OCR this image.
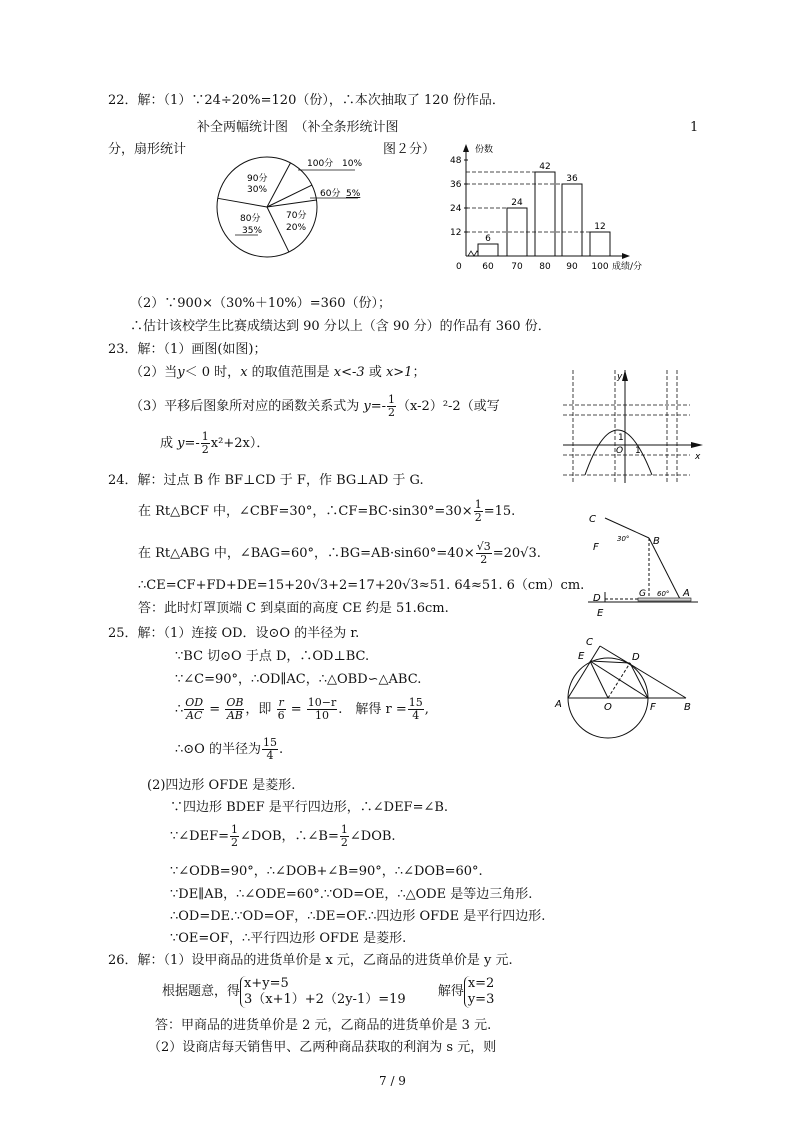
22．解：（1）∵24÷20%=120（份），∴本次抽取了 120 份作品．
补全两幅统计图　（补全条形统计图	1
分，扇形统计	图２分）
100分 10%
60分 5%
70分
20%
80分
35%
90分
30%
份数
成绩/分
0
12
24
36
48
6
60
24
70
42
80
36
90
12
100
（2）∵900×（30%＋10%）=360（份）；
∴估计该校学生比赛成绩达到 90 分以上（含 90 分）的作品有 360 份．
23．解：（1）画图(如图)；
（2）当y＜ 0 时，x 的取值范围是 x<-3 或 x>1；
（3）平移后图象所对应的函数关系式为 $y=- \frac{1}{2} (x-2)^2-2$（或写
成 $y=- \frac{1}{2} x^2+2x$）．
y
x
O
1
1
24．解：过点 B 作 BF⊥CD 于 F，作 BG⊥AD 于 G.
在 Rt△BCF 中，∠CBF=30°，∴CF=BC·sin30°=30× $\frac{1}{2} =15$.
在 Rt△ABG 中，∠BAG=60°，∴BG=AB·sin60°=40× $\frac{√3}{2} =20√3$.
∴CE=CF+FD+DE=15+20√3+2=17+20√3≈51. 64≈51. 6（cm）cm.
答：此时灯罩顶端 C 到桌面的高度 CE 约是 51.6cm.
C
F
B
30°
G 60° A
D
E
25．解：（1）连接 OD．设⊙O 的半径为 r.
∵BC 切⊙O 于点 D，∴OD⊥BC.
∵∠C=90°，∴OD∥AC，∴△OBD∽△ABC.
∴ $\frac{OD}{AC} = \frac{OB}{AB}$ ，即 $\frac{r}{6} = \frac{10-r}{10}$ .　解得 $r = \frac{15}{4}$ ,
∴⊙O 的半径为 $\frac{15}{4}$ .
(2)四边形 OFDE 是菱形.
∵四边形 BDEF 是平行四边形，∴∠DEF=∠B.
∵∠DEF= $\frac{1}{2}$ ∠DOB，∴∠B= $\frac{1}{2}$ ∠DOB.
∵∠ODB=90°，∴∠DOB+∠B=90°，∴∠DOB=60°.
∵DE∥AB，∴∠ODE=60°.∵OD=OE，∴△ODE 是等边三角形.
∴OD=DE.∵OD=OF，∴DE=OF.∴四边形 OFDE 是平行四边形.
∵OE=OF，∴平行四边形 OFDE 是菱形.
C
E	D
A	O	F	B
26．解：（1）设甲商品的进货单价是 x 元，乙商品的进货单价是 y 元.
根据题意，得
x+y=5
3（x+1）+2（2y-1）=19 解得
x=2
y=3
答：甲商品的进货单价是 2 元，乙商品的进货单价是 3 元.
（2）设商店每天销售甲、乙两种商品获取的利润为 s 元，则
7 / 9
